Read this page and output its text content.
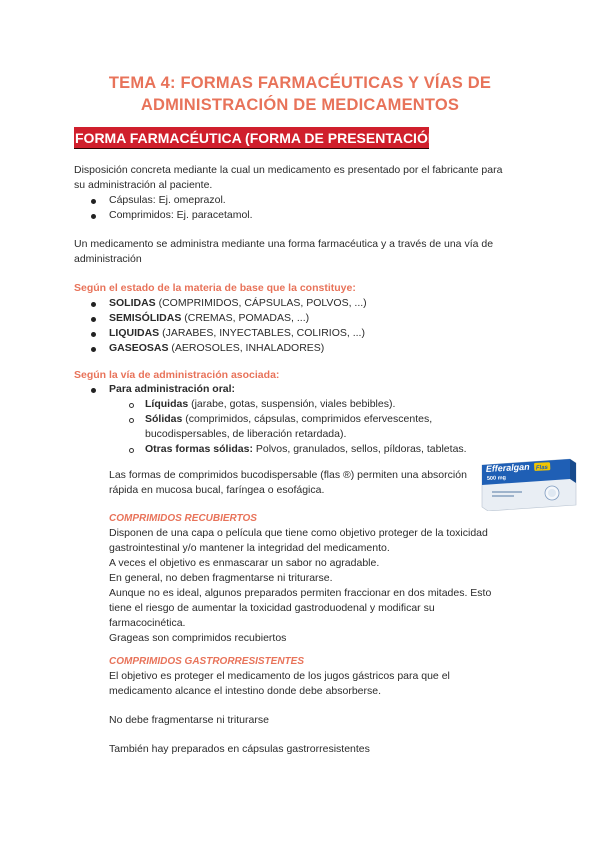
TEMA 4: FORMAS FARMACÉUTICAS Y VÍAS DE
ADMINISTRACIÓN DE MEDICAMENTOS
FORMA FARMACÉUTICA (FORMA DE PRESENTACIÓN)
Disposición concreta mediante la cual un medicamento es presentado por el fabricante para
su administración al paciente.
Cápsulas: Ej. omeprazol.
Comprimidos: Ej. paracetamol.
Un medicamento se administra mediante una forma farmacéutica y a través de una vía de
administración
Según el estado de la materia de base que la constituye:
SOLIDAS (COMPRIMIDOS, CÁPSULAS, POLVOS, ...)
SEMISÓLIDAS (CREMAS, POMADAS, ...)
LIQUIDAS (JARABES, INYECTABLES, COLIRIOS, ...)
GASEOSAS (AEROSOLES, INHALADORES)
Según la vía de administración asociada:
Para administración oral:
Líquidas (jarabe, gotas, suspensión, viales bebibles).
Sólidas (comprimidos, cápsulas, comprimidos efervescentes,
bucodispersables, de liberación retardada).
Otras formas sólidas: Polvos, granulados, sellos, píldoras, tabletas.
Las formas de comprimidos bucodispersable (flas ®) permiten una absorción
rápida en mucosa bucal, faríngea o esofágica.
Efferalgan Flas
500 mg
COMPRIMIDOS RECUBIERTOS
Disponen de una capa o película que tiene como objetivo proteger de la toxicidad
gastrointestinal y/o mantener la integridad del medicamento.
A veces el objetivo es enmascarar un sabor no agradable.
En general, no deben fragmentarse ni triturarse.
Aunque no es ideal, algunos preparados permiten fraccionar en dos mitades. Esto
tiene el riesgo de aumentar la toxicidad gastroduodenal y modificar su
farmacocinética.
Grageas son comprimidos recubiertos
COMPRIMIDOS GASTRORRESISTENTES
El objetivo es proteger el medicamento de los jugos gástricos para que el
medicamento alcance el intestino donde debe absorberse.
No debe fragmentarse ni triturarse
También hay preparados en cápsulas gastrorresistentes
